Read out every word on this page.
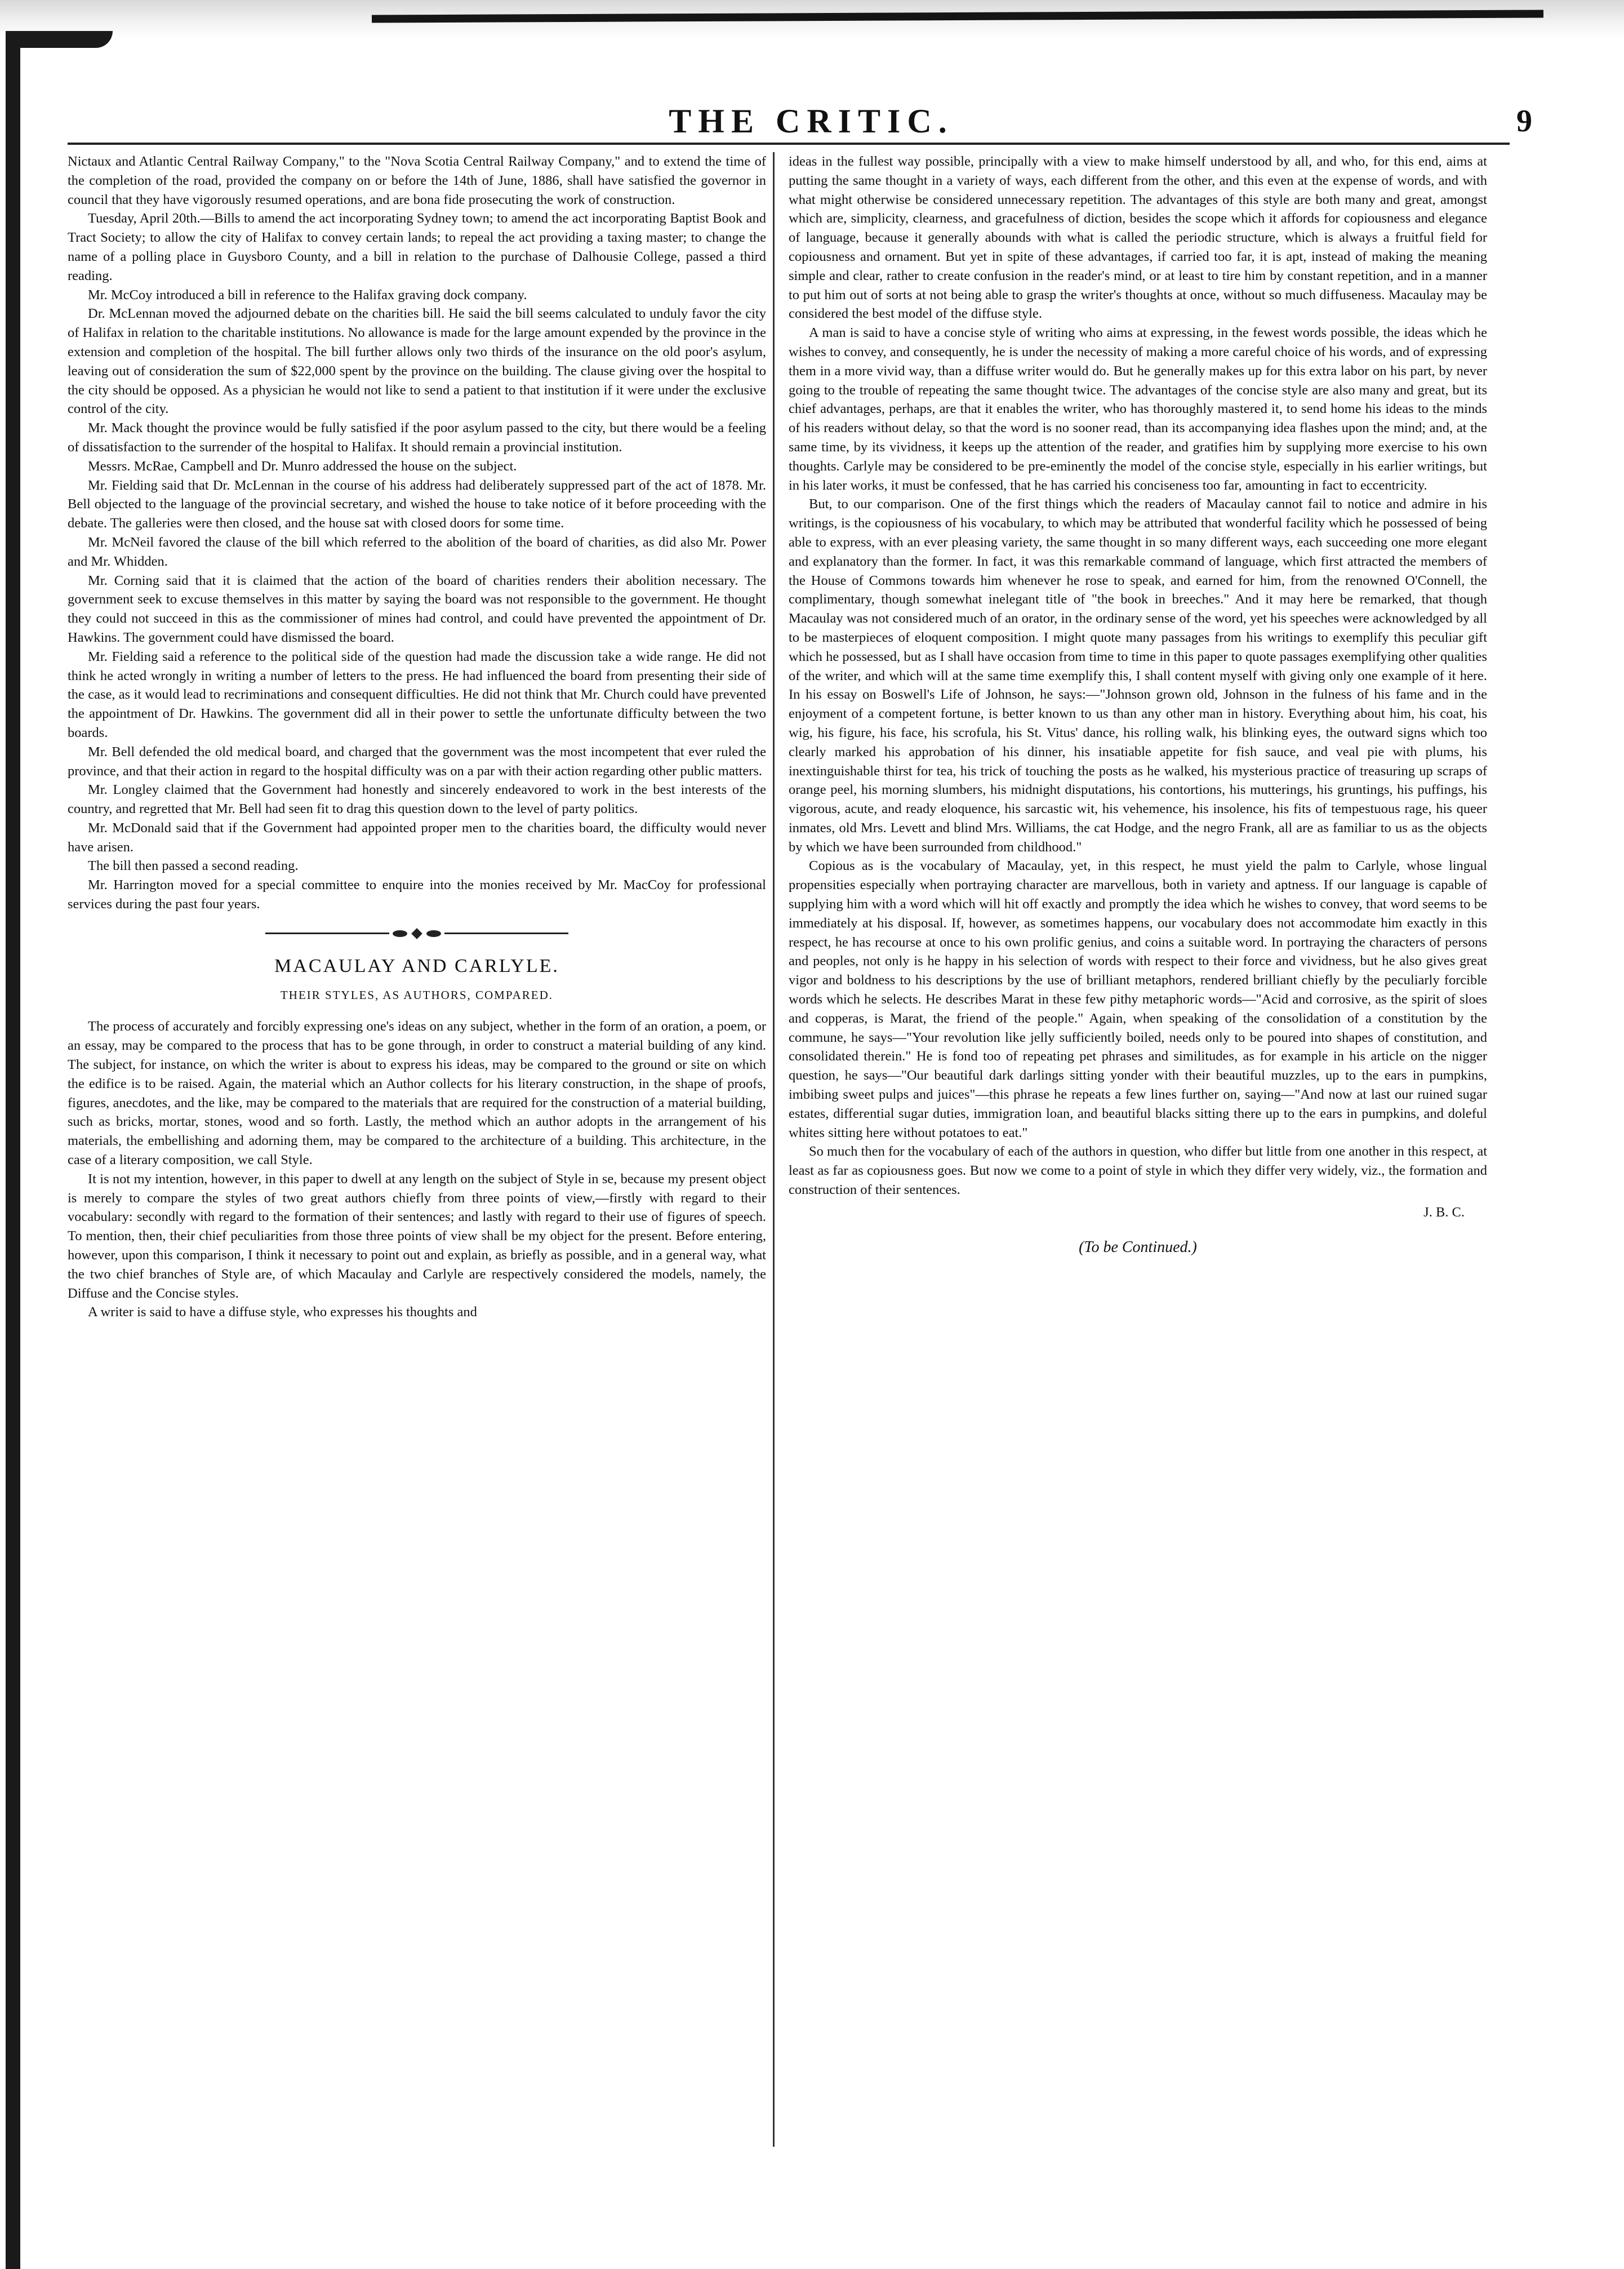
THE CRITIC.	9

Nictaux and Atlantic Central Railway Company," to the "Nova Scotia Central Railway Company," and to extend the time of the completion of the road, provided the company on or before the 14th of June, 1886, shall have satisfied the governor in council that they have vigorously resumed operations, and are bona fide prosecuting the work of construction.

Tuesday, April 20th.—Bills to amend the act incorporating Sydney town; to amend the act incorporating Baptist Book and Tract Society; to allow the city of Halifax to convey certain lands; to repeal the act providing a taxing master; to change the name of a polling place in Guysboro County, and a bill in relation to the purchase of Dalhousie College, passed a third reading.

Mr. McCoy introduced a bill in reference to the Halifax graving dock company.

Dr. McLennan moved the adjourned debate on the charities bill. He said the bill seems calculated to unduly favor the city of Halifax in relation to the charitable institutions. No allowance is made for the large amount expended by the province in the extension and completion of the hospital. The bill further allows only two thirds of the insurance on the old poor's asylum, leaving out of consideration the sum of $22,000 spent by the province on the building. The clause giving over the hospital to the city should be opposed. As a physician he would not like to send a patient to that institution if it were under the exclusive control of the city.

Mr. Mack thought the province would be fully satisfied if the poor asylum passed to the city, but there would be a feeling of dissatisfaction to the surrender of the hospital to Halifax. It should remain a provincial institution.

Messrs. McRae, Campbell and Dr. Munro addressed the house on the subject.

Mr. Fielding said that Dr. McLennan in the course of his address had deliberately suppressed part of the act of 1878. Mr. Bell objected to the language of the provincial secretary, and wished the house to take notice of it before proceeding with the debate. The galleries were then closed, and the house sat with closed doors for some time.

Mr. McNeil favored the clause of the bill which referred to the abolition of the board of charities, as did also Mr. Power and Mr. Whidden.

Mr. Corning said that it is claimed that the action of the board of charities renders their abolition necessary. The government seek to excuse themselves in this matter by saying the board was not responsible to the government. He thought they could not succeed in this as the commissioner of mines had control, and could have prevented the appointment of Dr. Hawkins. The government could have dismissed the board.

Mr. Fielding said a reference to the political side of the question had made the discussion take a wide range. He did not think he acted wrongly in writing a number of letters to the press. He had influenced the board from presenting their side of the case, as it would lead to recriminations and consequent difficulties. He did not think that Mr. Church could have prevented the appointment of Dr. Hawkins. The government did all in their power to settle the unfortunate difficulty between the two boards.

Mr. Bell defended the old medical board, and charged that the government was the most incompetent that ever ruled the province, and that their action in regard to the hospital difficulty was on a par with their action regarding other public matters.

Mr. Longley claimed that the Government had honestly and sincerely endeavored to work in the best interests of the country, and regretted that Mr. Bell had seen fit to drag this question down to the level of party politics.

Mr. McDonald said that if the Government had appointed proper men to the charities board, the difficulty would never have arisen.

The bill then passed a second reading.

Mr. Harrington moved for a special committee to enquire into the monies received by Mr. MacCoy for professional services during the past four years.

MACAULAY AND CARLYLE.
THEIR STYLES, AS AUTHORS, COMPARED.

The process of accurately and forcibly expressing one's ideas on any subject, whether in the form of an oration, a poem, or an essay, may be compared to the process that has to be gone through, in order to construct a material building of any kind. The subject, for instance, on which the writer is about to express his ideas, may be compared to the ground or site on which the edifice is to be raised. Again, the material which an Author collects for his literary construction, in the shape of proofs, figures, anecdotes, and the like, may be compared to the materials that are required for the construction of a material building, such as bricks, mortar, stones, wood and so forth. Lastly, the method which an author adopts in the arrangement of his materials, the embellishing and adorning them, may be compared to the architecture of a building. This architecture, in the case of a literary composition, we call Style.

It is not my intention, however, in this paper to dwell at any length on the subject of Style in se, because my present object is merely to compare the styles of two great authors chiefly from three points of view,—firstly with regard to their vocabulary: secondly with regard to the formation of their sentences; and lastly with regard to their use of figures of speech. To mention, then, their chief peculiarities from those three points of view shall be my object for the present. Before entering, however, upon this comparison, I think it necessary to point out and explain, as briefly as possible, and in a general way, what the two chief branches of Style are, of which Macaulay and Carlyle are respectively considered the models, namely, the Diffuse and the Concise styles.

A writer is said to have a diffuse style, who expresses his thoughts and

ideas in the fullest way possible, principally with a view to make himself understood by all, and who, for this end, aims at putting the same thought in a variety of ways, each different from the other, and this even at the expense of words, and with what might otherwise be considered unnecessary repetition. The advantages of this style are both many and great, amongst which are, simplicity, clearness, and gracefulness of diction, besides the scope which it affords for copiousness and elegance of language, because it generally abounds with what is called the periodic structure, which is always a fruitful field for copiousness and ornament. But yet in spite of these advantages, if carried too far, it is apt, instead of making the meaning simple and clear, rather to create confusion in the reader's mind, or at least to tire him by constant repetition, and in a manner to put him out of sorts at not being able to grasp the writer's thoughts at once, without so much diffuseness. Macaulay may be considered the best model of the diffuse style.

A man is said to have a concise style of writing who aims at expressing, in the fewest words possible, the ideas which he wishes to convey, and consequently, he is under the necessity of making a more careful choice of his words, and of expressing them in a more vivid way, than a diffuse writer would do. But he generally makes up for this extra labor on his part, by never going to the trouble of repeating the same thought twice. The advantages of the concise style are also many and great, but its chief advantages, perhaps, are that it enables the writer, who has thoroughly mastered it, to send home his ideas to the minds of his readers without delay, so that the word is no sooner read, than its accompanying idea flashes upon the mind; and, at the same time, by its vividness, it keeps up the attention of the reader, and gratifies him by supplying more exercise to his own thoughts. Carlyle may be considered to be pre-eminently the model of the concise style, especially in his earlier writings, but in his later works, it must be confessed, that he has carried his conciseness too far, amounting in fact to eccentricity.

But, to our comparison. One of the first things which the readers of Macaulay cannot fail to notice and admire in his writings, is the copiousness of his vocabulary, to which may be attributed that wonderful facility which he possessed of being able to express, with an ever pleasing variety, the same thought in so many different ways, each succeeding one more elegant and explanatory than the former. In fact, it was this remarkable command of language, which first attracted the members of the House of Commons towards him whenever he rose to speak, and earned for him, from the renowned O'Connell, the complimentary, though somewhat inelegant title of "the book in breeches." And it may here be remarked, that though Macaulay was not considered much of an orator, in the ordinary sense of the word, yet his speeches were acknowledged by all to be masterpieces of eloquent composition. I might quote many passages from his writings to exemplify this peculiar gift which he possessed, but as I shall have occasion from time to time in this paper to quote passages exemplifying other qualities of the writer, and which will at the same time exemplify this, I shall content myself with giving only one example of it here. In his essay on Boswell's Life of Johnson, he says:—"Johnson grown old, Johnson in the fulness of his fame and in the enjoyment of a competent fortune, is better known to us than any other man in history. Everything about him, his coat, his wig, his figure, his face, his scrofula, his St. Vitus' dance, his rolling walk, his blinking eyes, the outward signs which too clearly marked his approbation of his dinner, his insatiable appetite for fish sauce, and veal pie with plums, his inextinguishable thirst for tea, his trick of touching the posts as he walked, his mysterious practice of treasuring up scraps of orange peel, his morning slumbers, his midnight disputations, his contortions, his mutterings, his gruntings, his puffings, his vigorous, acute, and ready eloquence, his sarcastic wit, his vehemence, his insolence, his fits of tempestuous rage, his queer inmates, old Mrs. Levett and blind Mrs. Williams, the cat Hodge, and the negro Frank, all are as familiar to us as the objects by which we have been surrounded from childhood."

Copious as is the vocabulary of Macaulay, yet, in this respect, he must yield the palm to Carlyle, whose lingual propensities especially when portraying character are marvellous, both in variety and aptness. If our language is capable of supplying him with a word which will hit off exactly and promptly the idea which he wishes to convey, that word seems to be immediately at his disposal. If, however, as sometimes happens, our vocabulary does not accommodate him exactly in this respect, he has recourse at once to his own prolific genius, and coins a suitable word. In portraying the characters of persons and peoples, not only is he happy in his selection of words with respect to their force and vividness, but he also gives great vigor and boldness to his descriptions by the use of brilliant metaphors, rendered brilliant chiefly by the peculiarly forcible words which he selects. He describes Marat in these few pithy metaphoric words—"Acid and corrosive, as the spirit of sloes and copperas, is Marat, the friend of the people." Again, when speaking of the consolidation of a constitution by the commune, he says—"Your revolution like jelly sufficiently boiled, needs only to be poured into shapes of constitution, and consolidated therein." He is fond too of repeating pet phrases and similitudes, as for example in his article on the nigger question, he says—"Our beautiful dark darlings sitting yonder with their beautiful muzzles, up to the ears in pumpkins, imbibing sweet pulps and juices"—this phrase he repeats a few lines further on, saying—"And now at last our ruined sugar estates, differential sugar duties, immigration loan, and beautiful blacks sitting there up to the ears in pumpkins, and doleful whites sitting here without potatoes to eat."

So much then for the vocabulary of each of the authors in question, who differ but little from one another in this respect, at least as far as copiousness goes. But now we come to a point of style in which they differ very widely, viz., the formation and construction of their sentences.

J. B. C.
(To be Continued.)
